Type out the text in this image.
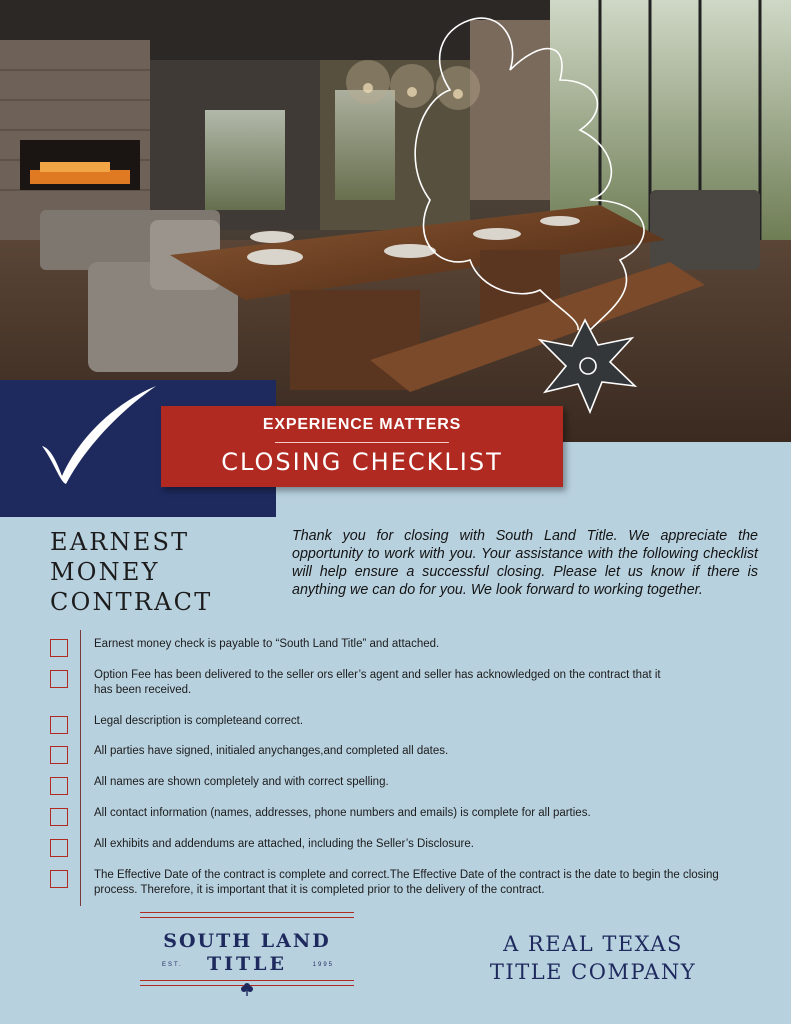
EXPERIENCE MATTERS
CLOSING CHECKLIST
EARNEST
MONEY
CONTRACT

Thank you for closing with South Land Title. We appreciate the opportunity to work with you. Your assistance with the following checklist will help ensure a successful closing. Please let us know if there is anything we can do for you. We look forward to working together.

Earnest money check is payable to “South Land Title” and attached.
Option Fee has been delivered to the seller ors eller’s agent and seller has acknowledged on the contract that it has been received.
Legal description is completeand correct.
All parties have signed, initialed anychanges,and completed all dates.
All names are shown completely and with correct spelling.
All contact information (names, addresses, phone numbers and emails) is complete for all parties.
All exhibits and addendums are attached, including the Seller’s Disclosure.
The Effective Date of the contract is complete and correct.The Effective Date of the contract is the date to begin the closing process. Therefore, it is important that it is completed prior to the delivery of the contract.
SOUTH LAND
EST.	TITLE	1995
A REAL TEXAS
TITLE COMPANY
